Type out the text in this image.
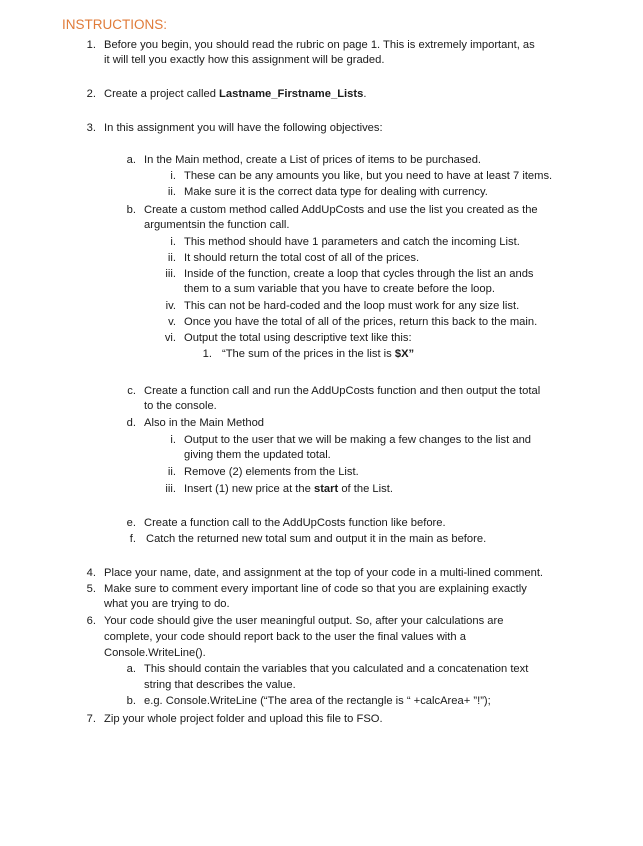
INSTRUCTIONS:
1. Before you begin, you should read the rubric on page 1. This is extremely important, as
it will tell you exactly how this assignment will be graded.
2. Create a project called Lastname_Firstname_Lists.
3. In this assignment you will have the following objectives:
a. In the Main method, create a List of prices of items to be purchased.
i. These can be any amounts you like, but you need to have at least 7 items.
ii. Make sure it is the correct data type for dealing with currency.
b. Create a custom method called AddUpCosts and use the list you created as the
argumentsin the function call.
i. This method should have 1 parameters and catch the incoming List.
ii. It should return the total cost of all of the prices.
iii. Inside of the function, create a loop that cycles through the list an ands
them to a sum variable that you have to create before the loop.
iv. This can not be hard-coded and the loop must work for any size list.
v. Once you have the total of all of the prices, return this back to the main.
vi. Output the total using descriptive text like this:
1. “The sum of the prices in the list is $X”
c. Create a function call and run the AddUpCosts function and then output the total
to the console.
d. Also in the Main Method
i. Output to the user that we will be making a few changes to the list and
giving them the updated total.
ii. Remove (2) elements from the List.
iii. Insert (1) new price at the start of the List.
e. Create a function call to the AddUpCosts function like before.
f. Catch the returned new total sum and output it in the main as before.
4. Place your name, date, and assignment at the top of your code in a multi-lined comment.
5. Make sure to comment every important line of code so that you are explaining exactly
what you are trying to do.
6. Your code should give the user meaningful output. So, after your calculations are
complete, your code should report back to the user the final values with a
Console.WriteLine().
a. This should contain the variables that you calculated and a concatenation text
string that describes the value.
b. e.g. Console.WriteLine (“The area of the rectangle is “ +calcArea+ ”!”);
7. Zip your whole project folder and upload this file to FSO.
